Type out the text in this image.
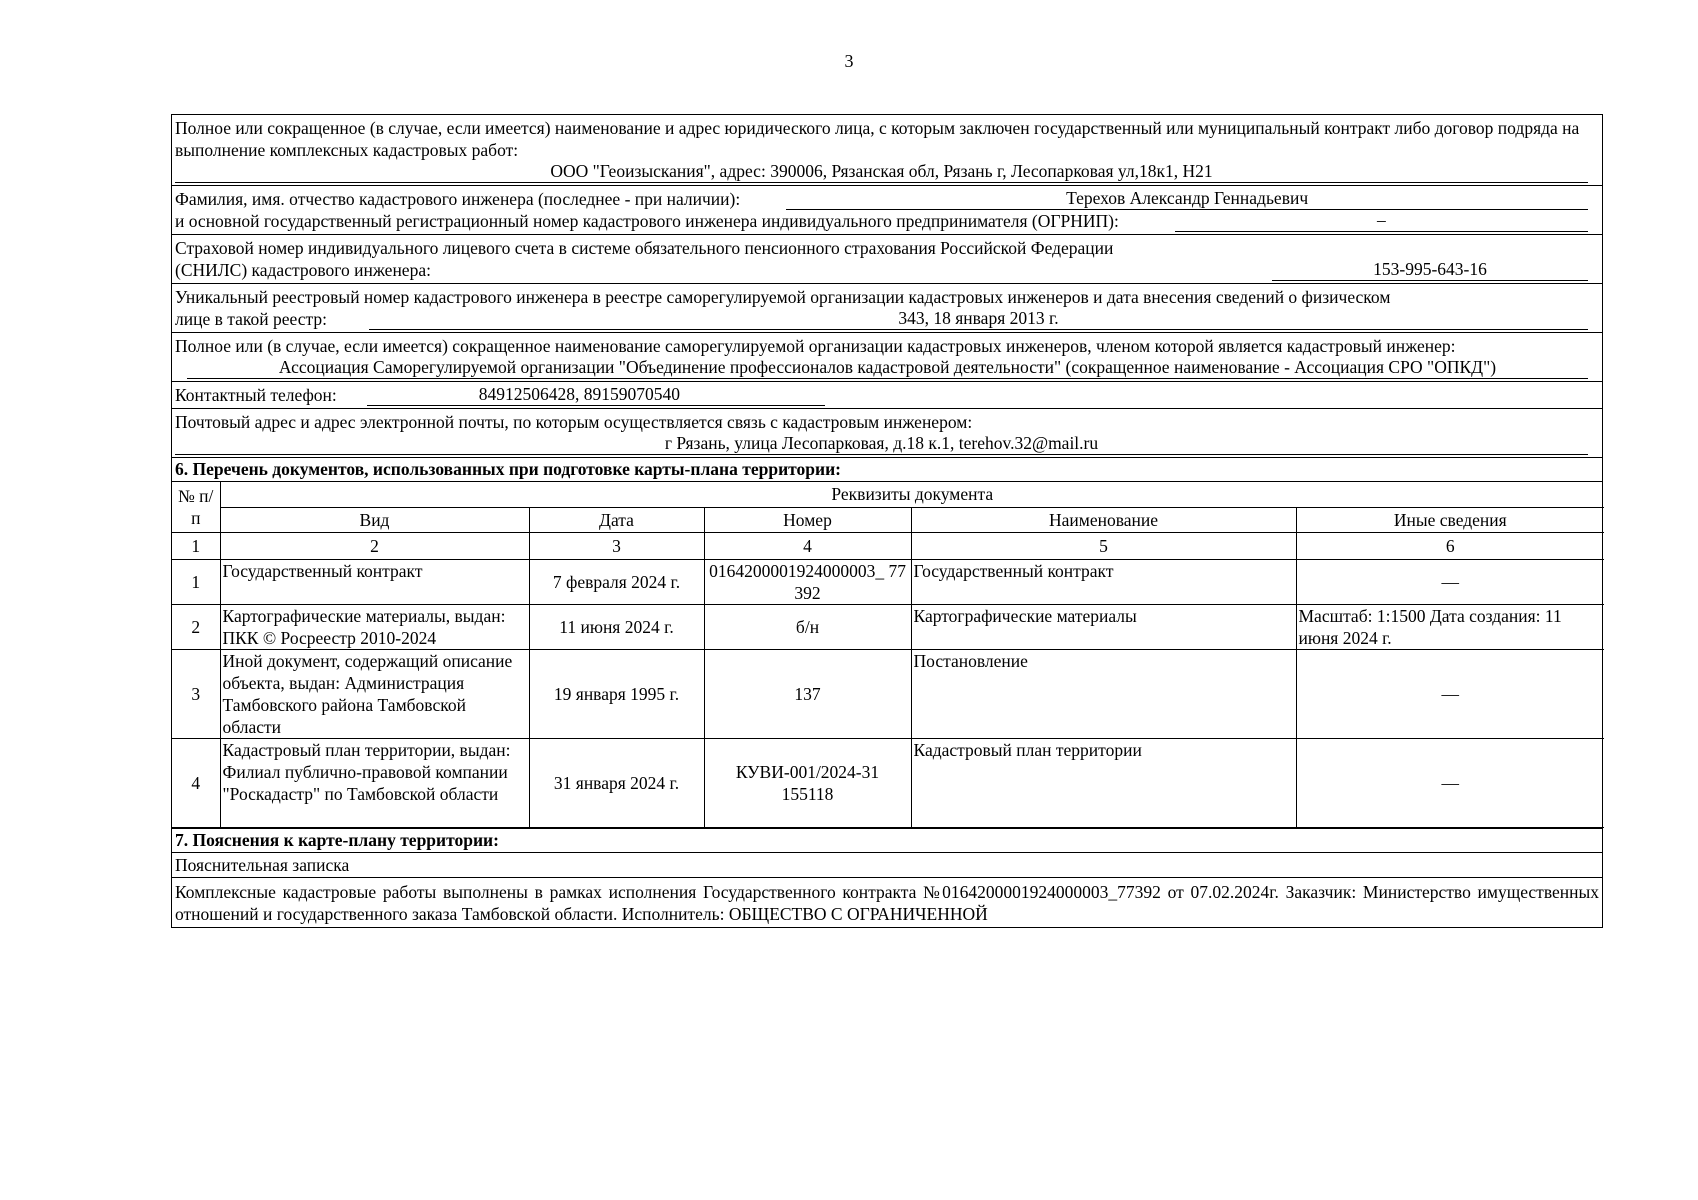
3
Полное или сокращенное (в случае, если имеется) наименование и адрес юридического лица, с которым заключен государственный или муниципальный контракт либо договор подряда на выполнение комплексных кадастровых работ:
ООО "Геоизыскания", адрес: 390006, Рязанская обл, Рязань г, Лесопарковая ул,18к1, Н21
Фамилия, имя. отчество кадастрового инженера (последнее - при наличии):	Терехов Александр Геннадьевич
и основной государственный регистрационный номер кадастрового инженера индивидуального предпринимателя (ОГРНИП):	–
Страховой номер индивидуального лицевого счета в системе обязательного пенсионного страхования Российской Федерации
(СНИЛС) кадастрового инженера:	153-995-643-16
Уникальный реестровый номер кадастрового инженера в реестре саморегулируемой организации кадастровых инженеров и дата внесения сведений о физическом
лице в такой реестр:	343, 18 января 2013 г.
Полное или (в случае, если имеется) сокращенное наименование саморегулируемой организации кадастровых инженеров, членом которой является кадастровый инженер:
Ассоциация Саморегулируемой организации "Объединение профессионалов кадастровой деятельности" (сокращенное наименование - Ассоциация СРО "ОПКД")
Контактный телефон:	84912506428, 89159070540
Почтовый адрес и адрес электронной почты, по которым осуществляется связь с кадастровым инженером:
г Рязань, улица Лесопарковая, д.18 к.1, terehov.32@mail.ru
6. Перечень документов, использованных при подготовке карты-плана территории:
№ п/п	Реквизиты документа				
	Вид	Дата	Номер	Наименование	Иные сведения
1	2	3	4	5	6
1	Государственный контракт	7 февраля 2024 г.	0164200001924000003_ 77392	Государственный контракт	—
2	Картографические материалы, выдан: ПКК © Росреестр 2010-2024	11 июня 2024 г.	б/н	Картографические материалы	Масштаб: 1:1500 Дата создания: 11 июня 2024 г.
3	Иной документ, содержащий описание объекта, выдан: Администрация Тамбовского района Тамбовской области	19 января 1995 г.	137	Постановление	—
4	Кадастровый план территории, выдан: Филиал публично-правовой компании "Роскадастр" по Тамбовской области	31 января 2024 г.	КУВИ-001/2024-31155118	Кадастровый план территории	—
7. Пояснения к карте-плану территории:
Пояснительная записка
Комплексные кадастровые работы выполнены в рамках исполнения Государственного контракта №0164200001924000003_77392 от 07.02.2024г. Заказчик: Министерство имущественных отношений и государственного заказа Тамбовской области. Исполнитель: ОБЩЕСТВО С ОГРАНИЧЕННОЙ
